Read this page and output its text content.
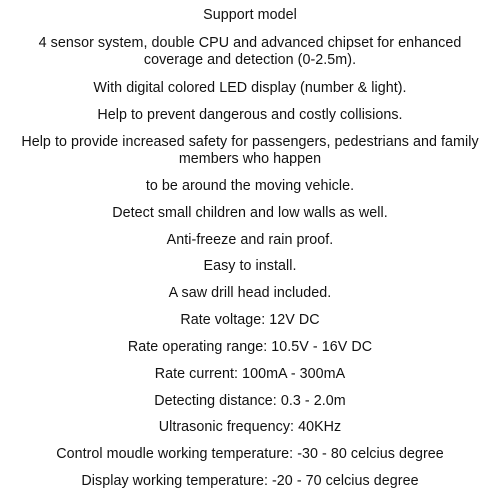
Support model
4 sensor system, double CPU and advanced chipset for enhanced coverage and detection (0-2.5m).
With digital colored LED display (number & light).
Help to prevent dangerous and costly collisions.
Help to provide increased safety for passengers, pedestrians and family members who happen
to be around the moving vehicle.
Detect small children and low walls as well.
Anti-freeze and rain proof.
Easy to install.
A saw drill head included.
Rate voltage: 12V DC
Rate operating range: 10.5V - 16V DC
Rate current: 100mA - 300mA
Detecting distance: 0.3 - 2.0m
Ultrasonic frequency: 40KHz
Control moudle working temperature: -30 - 80 celcius degree
Display working temperature: -20 - 70 celcius degree
